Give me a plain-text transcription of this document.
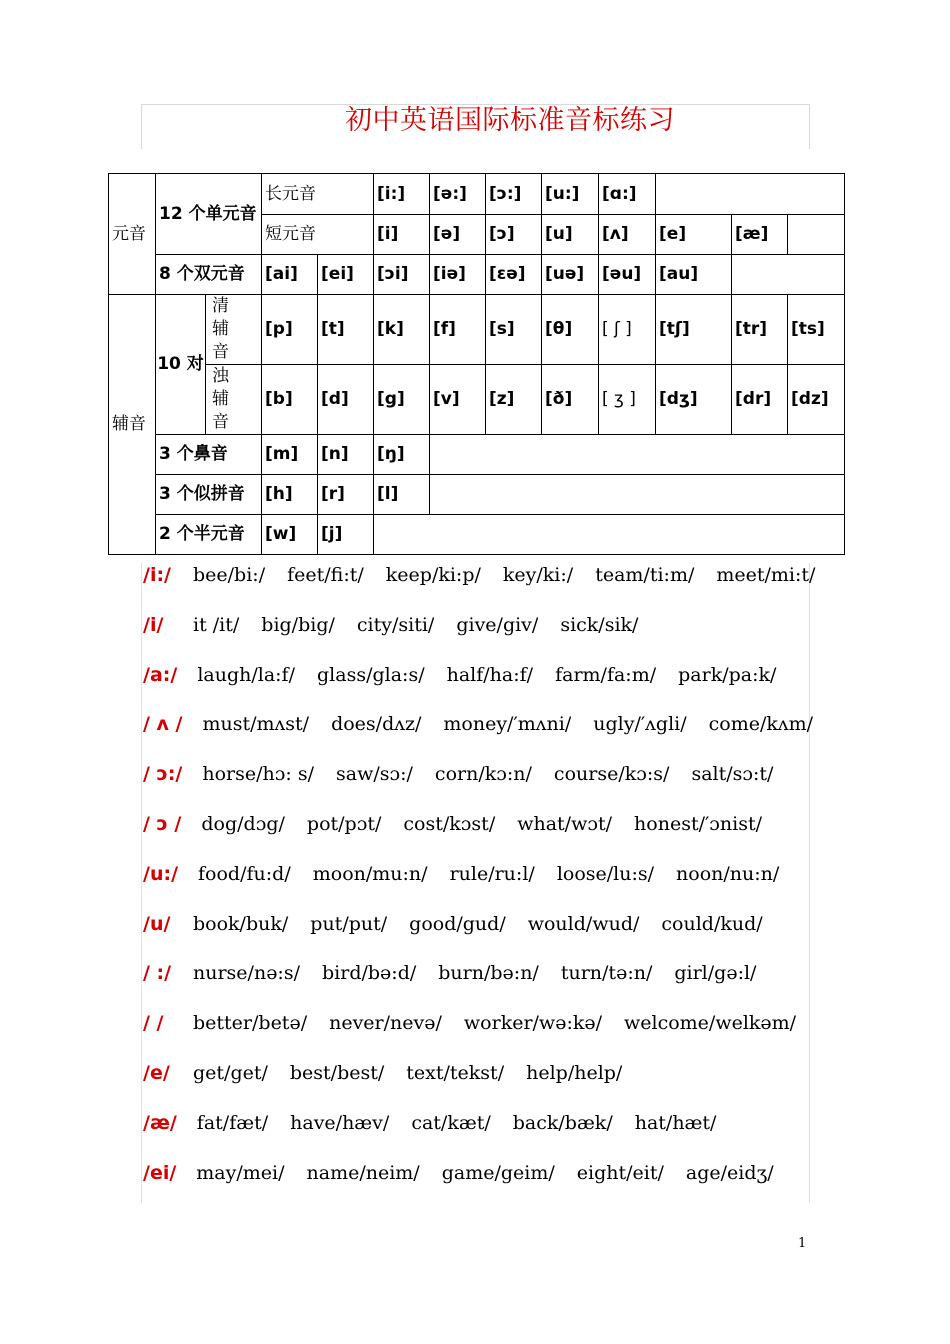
初中英语国际标准音标练习
元音	12 个单元音		长元音		[i:]	[ə:]	[ɔ:]	[u:]	[ɑ:]			
			短元音		[i]	[ə]	[ɔ]	[u]	[ʌ]	[e]	[æ]	
	8 个双元音		[ai]	[ei]	[ɔi]	[iə]	[εə]	[uə]	[əu]	[au]		
辅音	10 对	清辅音	[p]	[t]	[k]	[f]	[s]	[θ]	[ ʃ ]	[tʃ]	[tr]	[ts]
		浊辅音	[b]	[d]	[g]	[v]	[z]	[ð]	[ ʒ ]	[dʒ]	[dr]	[dz]
	3 个鼻音		[m]	[n]	[ŋ]							
	3 个似拼音		[h]	[r]	[l]							
	2 个半元音		[w]	[j]								
/i:/ bee/bi:/ feet/fi:t/ keep/ki:p/ key/ki:/ team/ti:m/ meet/mi:t/
/i/ it /it/ big/big/ city/siti/ give/giv/ sick/sik/
/a:/ laugh/la:f/ glass/gla:s/ half/ha:f/ farm/fa:m/ park/pa:k/
/ ʌ / must/mʌst/ does/dʌz/ money/′mʌni/ ugly/′ʌgli/ come/kʌm/
/ ɔ:/ horse/hɔ: s/ saw/sɔ:/ corn/kɔ:n/ course/kɔ:s/ salt/sɔ:t/
/ ɔ / dog/dɔg/ pot/pɔt/ cost/kɔst/ what/wɔt/ honest/′ɔnist/
/u:/ food/fu:d/ moon/mu:n/ rule/ru:l/ loose/lu:s/ noon/nu:n/
/u/ book/buk/ put/put/ good/gud/ would/wud/ could/kud/
/ :/ nurse/nə:s/ bird/bə:d/ burn/bə:n/ turn/tə:n/ girl/gə:l/
/ / better/betə/ never/nevə/ worker/wə:kə/ welcome/welkəm/
/e/ get/get/ best/best/ text/tekst/ help/help/
/æ/ fat/fæt/ have/hæv/ cat/kæt/ back/bæk/ hat/hæt/
/ei/ may/mei/ name/neim/ game/geim/ eight/eit/ age/eidʒ/
1
